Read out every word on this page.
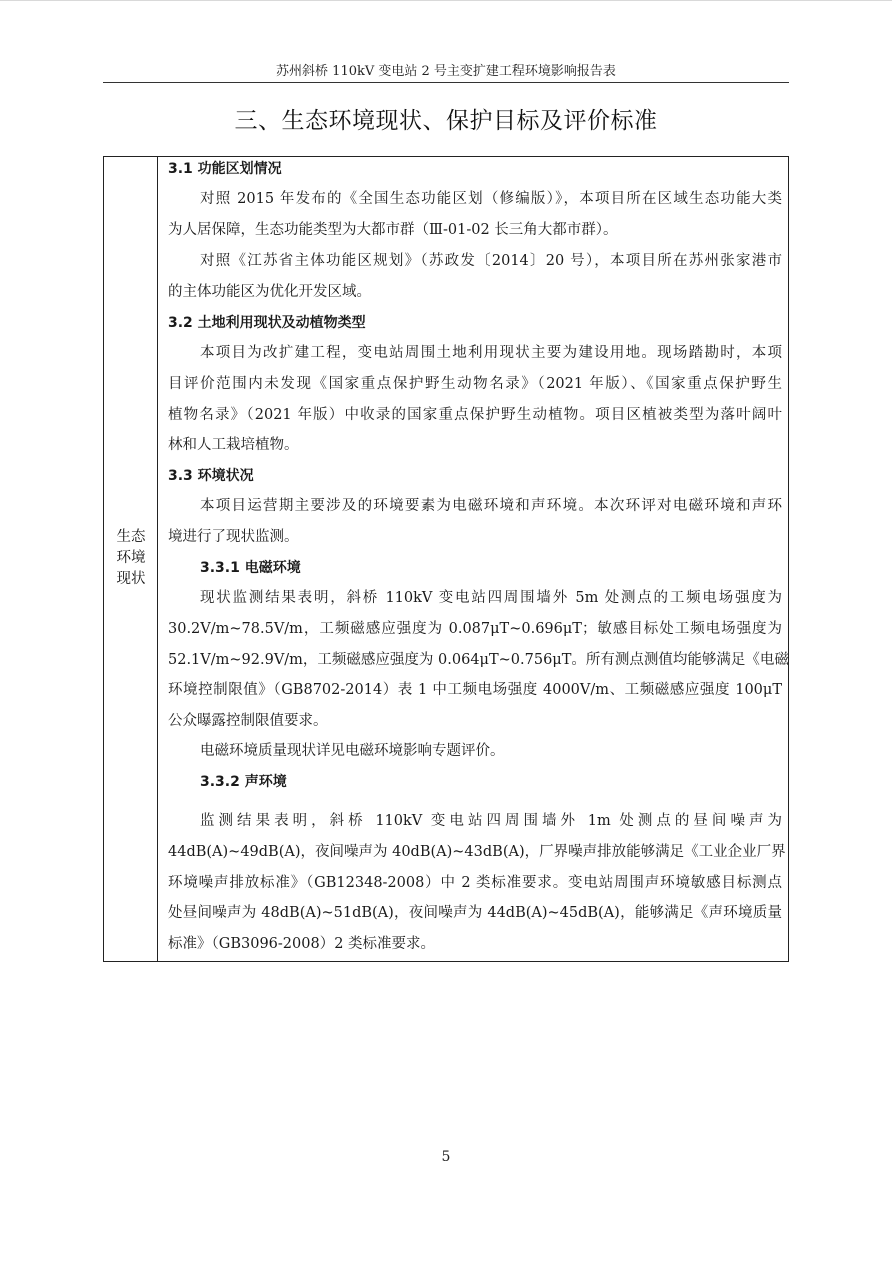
苏州斜桥 110kV 变电站 2 号主变扩建工程环境影响报告表
三、生态环境现状、保护目标及评价标准
生态
环境
现状
3.1 功能区划情况
对照 2015 年发布的《全国生态功能区划（修编版）》，本项目所在区域生态功能大类
为人居保障，生态功能类型为大都市群（Ⅲ-01-02 长三角大都市群）。
对照《江苏省主体功能区规划》（苏政发〔2014〕20 号），本项目所在苏州张家港市
的主体功能区为优化开发区域。
3.2 土地利用现状及动植物类型
本项目为改扩建工程，变电站周围土地利用现状主要为建设用地。现场踏勘时，本项
目评价范围内未发现《国家重点保护野生动物名录》（2021 年版）、《国家重点保护野生
植物名录》（2021 年版）中收录的国家重点保护野生动植物。项目区植被类型为落叶阔叶
林和人工栽培植物。
3.3 环境状况
本项目运营期主要涉及的环境要素为电磁环境和声环境。本次环评对电磁环境和声环
境进行了现状监测。
3.3.1 电磁环境
现状监测结果表明，斜桥 110kV 变电站四周围墙外 5m 处测点的工频电场强度为
30.2V/m~78.5V/m，工频磁感应强度为 0.087μT~0.696μT；敏感目标处工频电场强度为
52.1V/m~92.9V/m，工频磁感应强度为 0.064μT~0.756μT。所有测点测值均能够满足《电磁
环境控制限值》（GB8702-2014）表 1 中工频电场强度 4000V/m、工频磁感应强度 100μT
公众曝露控制限值要求。
电磁环境质量现状详见电磁环境影响专题评价。
3.3.2 声环境
监测结果表明，斜桥 110kV 变电站四周围墙外 1m 处测点的昼间噪声为
44dB(A)~49dB(A)，夜间噪声为 40dB(A)~43dB(A)，厂界噪声排放能够满足《工业企业厂界
环境噪声排放标准》（GB12348-2008）中 2 类标准要求。变电站周围声环境敏感目标测点
处昼间噪声为 48dB(A)~51dB(A)，夜间噪声为 44dB(A)~45dB(A)，能够满足《声环境质量
标准》（GB3096-2008）2 类标准要求。
5
